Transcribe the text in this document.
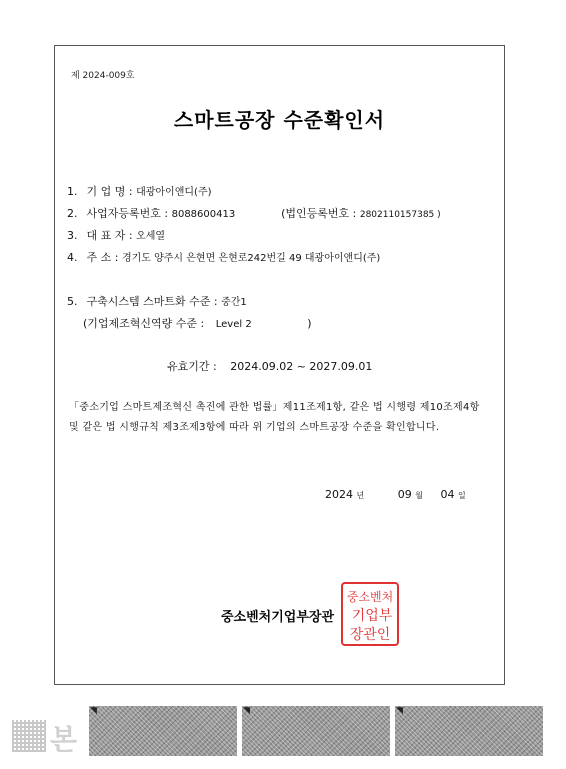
제 2024-009호
스마트공장 수준확인서
1. 기 업 명 : 대광아이앤디(주)
2. 사업자등록번호 : 8088600413	(법인등록번호 : 2802110157385 )
3. 대 표 자 : 오세열
4. 주 소 : 경기도 양주시 은현면 은현로242번길 49 대광아이앤디(주)
5. 구축시스템 스마트화 수준 : 중간1
(기업제조혁신역량 수준 : Level 2	)
유효기간 : 2024.09.02 ~ 2027.09.01
「중소기업 스마트제조혁신 촉진에 관한 법률」제11조제1항, 같은 법 시행령 제10조제4항 및 같은 법 시행규칙 제3조제3항에 따라 위 기업의 스마트공장 수준을 확인합니다.
2024 년	09 월 04 일
중소벤처기업부장관
중소벤처
기업부
장관인
본
◥	◥	◥
